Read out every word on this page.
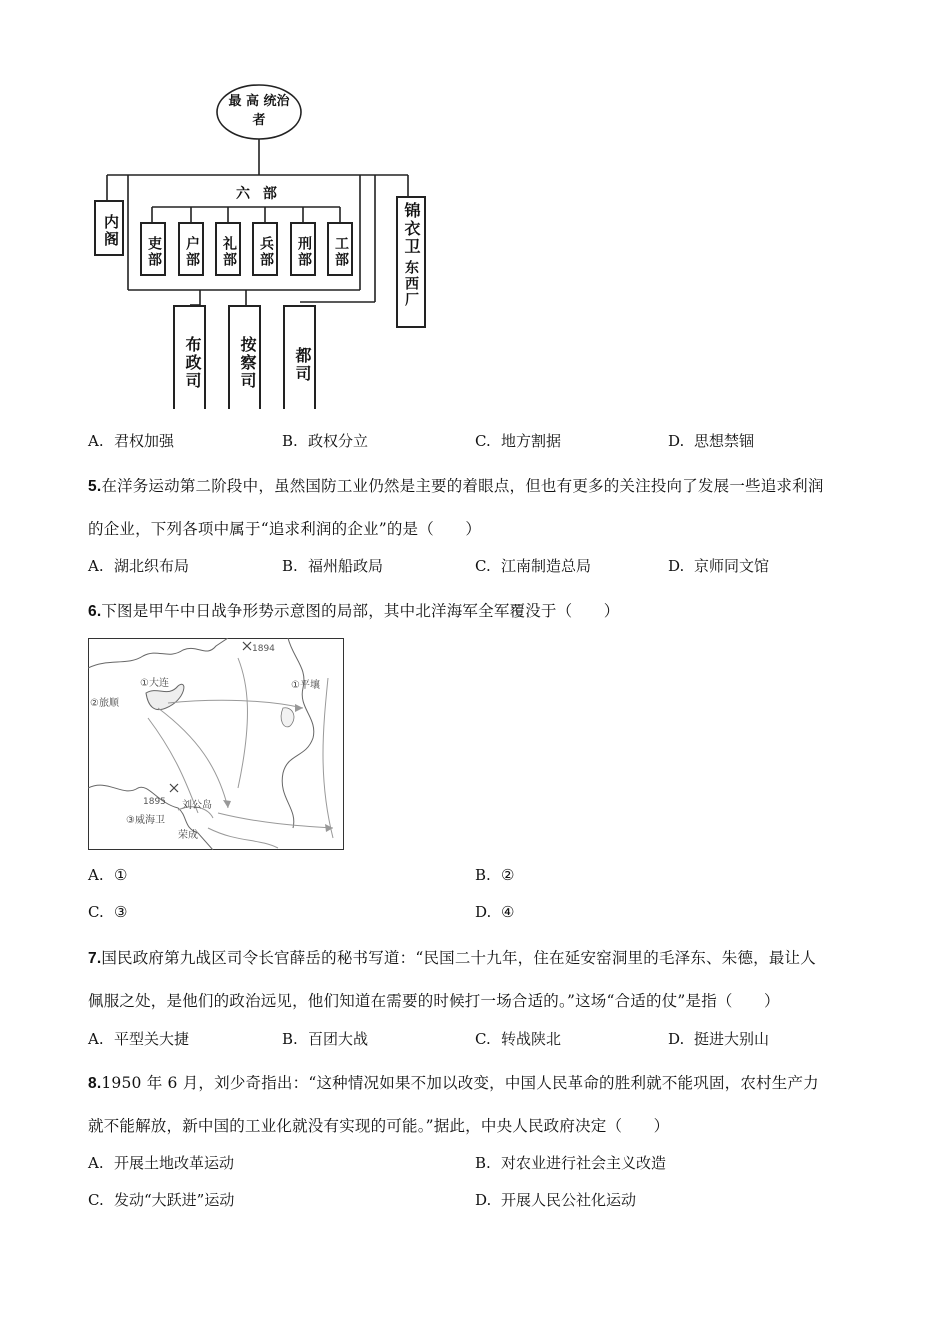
最 高 统治者
六 部
内阁	锦衣卫
东西厂
吏部	户部	礼部	兵部	刑部	工部
布政司	按察司	都司
A. 君权加强	B. 政权分立	C. 地方割据	D. 思想禁锢
5.在洋务运动第二阶段中，虽然国防工业仍然是主要的着眼点，但也有更多的关注投向了发展一些追求利润
的企业，下列各项中属于“追求利润的企业”的是（　　）
A. 湖北织布局	B. 福州船政局	C. 江南制造总局	D. 京师同文馆
6.下图是甲午中日战争形势示意图的局部，其中北洋海军全军覆没于（　　）
1894
①大连
②旅顺
①平壤
1895 刘公岛
③威海卫
荣成
A. ①	B. ②
C. ③	D. ④
7.国民政府第九战区司令长官薛岳的秘书写道：“民国二十九年，住在延安窑洞里的毛泽东、朱德，最让人
佩服之处，是他们的政治远见，他们知道在需要的时候打一场合适的。”这场“合适的仗”是指（　　）
A. 平型关大捷	B. 百团大战	C. 转战陕北	D. 挺进大别山
8.1950 年 6 月，刘少奇指出：“这种情况如果不加以改变，中国人民革命的胜利就不能巩固，农村生产力
就不能解放，新中国的工业化就没有实现的可能。”据此，中央人民政府决定（　　）
A. 开展土地改革运动	B. 对农业进行社会主义改造
C. 发动“大跃进”运动	D. 开展人民公社化运动
